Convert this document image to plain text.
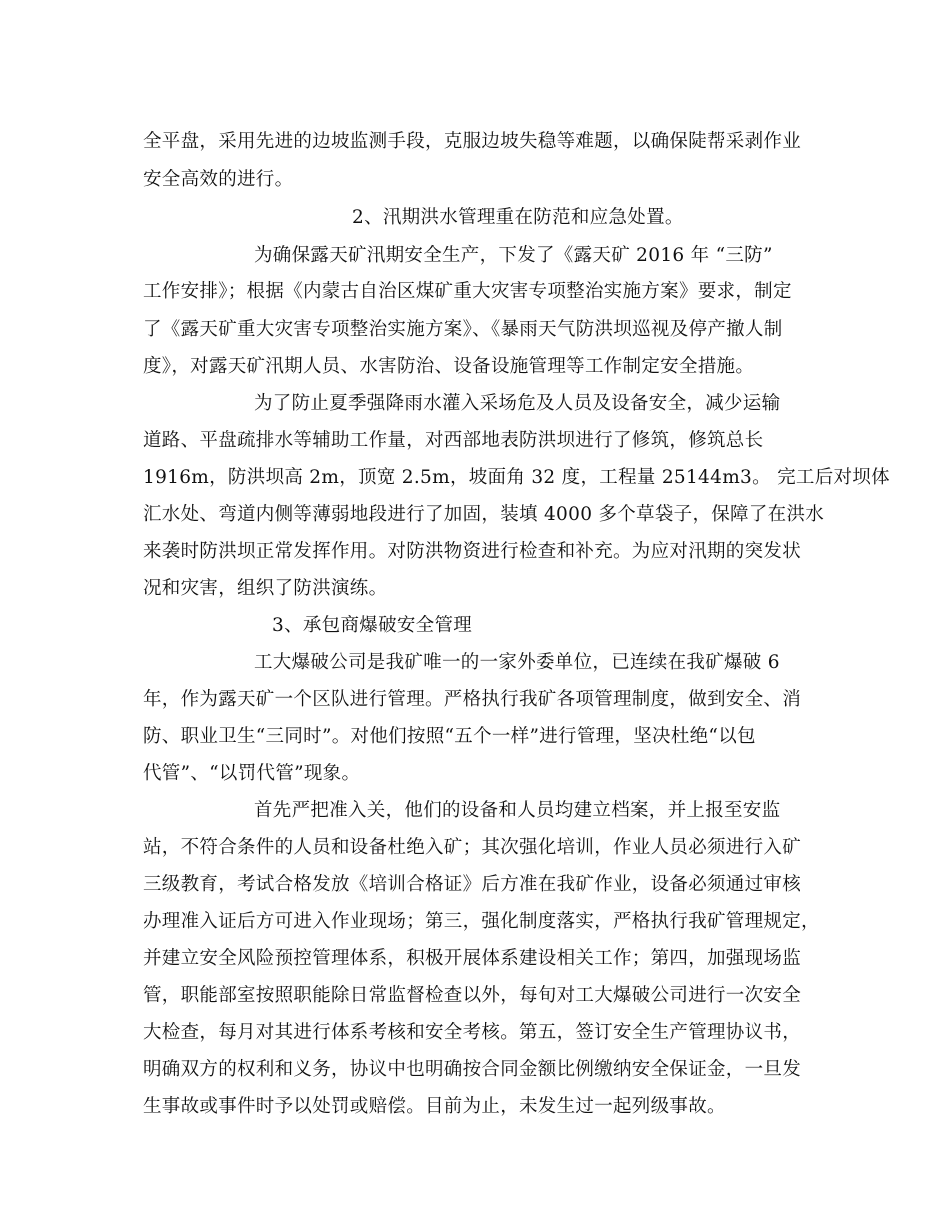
全平盘，采用先进的边坡监测手段，克服边坡失稳等难题，以确保陡帮采剥作业
安全高效的进行。
2、汛期洪水管理重在防范和应急处置。
为确保露天矿汛期安全生产，下发了《露天矿 2016 年 “三防”
工作安排》；根据《内蒙古自治区煤矿重大灾害专项整治实施方案》要求，制定
了《露天矿重大灾害专项整治实施方案》、《暴雨天气防洪坝巡视及停产撤人制
度》，对露天矿汛期人员、水害防治、设备设施管理等工作制定安全措施。
为了防止夏季强降雨水灌入采场危及人员及设备安全，减少运输
道路、平盘疏排水等辅助工作量，对西部地表防洪坝进行了修筑，修筑总长
1916m，防洪坝高 2m，顶宽 2.5m，坡面角 32 度，工程量 25144m3。 完工后对坝体
汇水处、弯道内侧等薄弱地段进行了加固，装填 4000 多个草袋子，保障了在洪水
来袭时防洪坝正常发挥作用。对防洪物资进行检查和补充。为应对汛期的突发状
况和灾害，组织了防洪演练。
3、承包商爆破安全管理
工大爆破公司是我矿唯一的一家外委单位，已连续在我矿爆破 6
年，作为露天矿一个区队进行管理。严格执行我矿各项管理制度，做到安全、消
防、职业卫生“三同时”。对他们按照“五个一样”进行管理，坚决杜绝“以包
代管”、“以罚代管”现象。
首先严把准入关，他们的设备和人员均建立档案，并上报至安监
站，不符合条件的人员和设备杜绝入矿；其次强化培训，作业人员必须进行入矿
三级教育，考试合格发放《培训合格证》后方准在我矿作业，设备必须通过审核
办理准入证后方可进入作业现场；第三，强化制度落实，严格执行我矿管理规定，
并建立安全风险预控管理体系，积极开展体系建设相关工作；第四，加强现场监
管，职能部室按照职能除日常监督检查以外，每旬对工大爆破公司进行一次安全
大检查，每月对其进行体系考核和安全考核。第五，签订安全生产管理协议书，
明确双方的权利和义务，协议中也明确按合同金额比例缴纳安全保证金，一旦发
生事故或事件时予以处罚或赔偿。目前为止，未发生过一起列级事故。
